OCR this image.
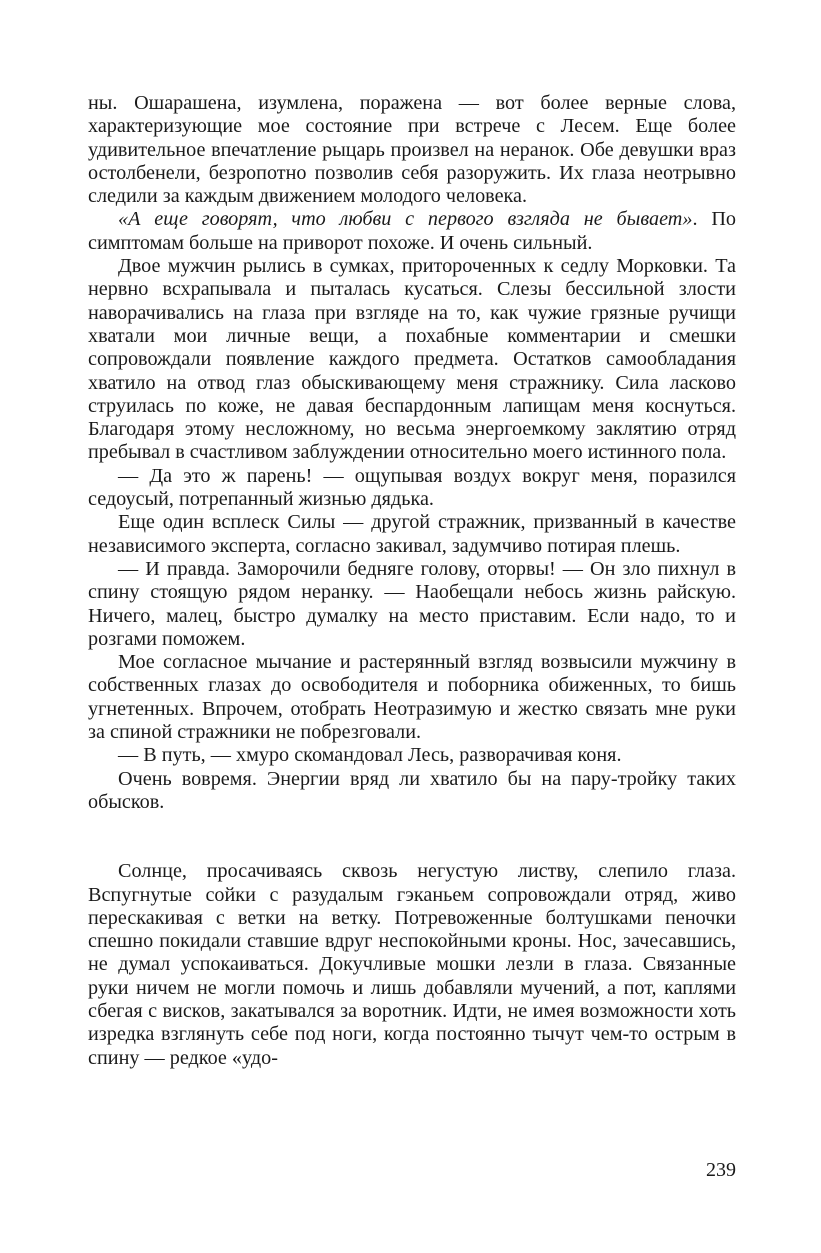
ны. Ошарашена, изумлена, поражена — вот более верные слова, характеризующие мое состояние при встрече с Лесем. Еще более удивительное впечатление рыцарь произвел на неранок. Обе девушки враз остолбенели, безропотно позволив себя разоружить. Их глаза неотрывно следили за каждым движением молодого человека.

«А еще говорят, что любви с первого взгляда не бывает». По симптомам больше на приворот похоже. И очень сильный.

Двое мужчин рылись в сумках, притороченных к седлу Морковки. Та нервно всхрапывала и пыталась кусаться. Слезы бессильной злости наворачивались на глаза при взгляде на то, как чужие грязные ручищи хватали мои личные вещи, а похабные комментарии и смешки сопровождали появление каждого предмета. Остатков самообладания хватило на отвод глаз обыскивающему меня стражнику. Сила ласково струилась по коже, не давая беспардонным лапищам меня коснуться. Благодаря этому несложному, но весьма энергоемкому заклятию отряд пребывал в счастливом заблуждении относительно моего истинного пола.

— Да это ж парень! — ощупывая воздух вокруг меня, поразился седоусый, потрепанный жизнью дядька.

Еще один всплеск Силы — другой стражник, призванный в качестве независимого эксперта, согласно закивал, задумчиво потирая плешь.

— И правда. Заморочили бедняге голову, оторвы! — Он зло пихнул в спину стоящую рядом неранку. — Наобещали небось жизнь райскую. Ничего, малец, быстро думалку на место приставим. Если надо, то и розгами поможем.

Мое согласное мычание и растерянный взгляд возвысили мужчину в собственных глазах до освободителя и поборника обиженных, то бишь угнетенных. Впрочем, отобрать Неотразимую и жестко связать мне руки за спиной стражники не побрезговали.

— В путь, — хмуро скомандовал Лесь, разворачивая коня.

Очень вовремя. Энергии вряд ли хватило бы на пару-тройку таких обысков.

Солнце, просачиваясь сквозь негустую листву, слепило глаза. Вспугнутые сойки с разудалым гэканьем сопровождали отряд, живо перескакивая с ветки на ветку. Потревоженные болтушками пеночки спешно покидали ставшие вдруг неспокойными кроны. Нос, зачесавшись, не думал успокаиваться. Докучливые мошки лезли в глаза. Связанные руки ничем не могли помочь и лишь добавляли мучений, а пот, каплями сбегая с висков, закатывался за воротник. Идти, не имея возможности хоть изредка взглянуть себе под ноги, когда постоянно тычут чем-то острым в спину — редкое «удо-

239
